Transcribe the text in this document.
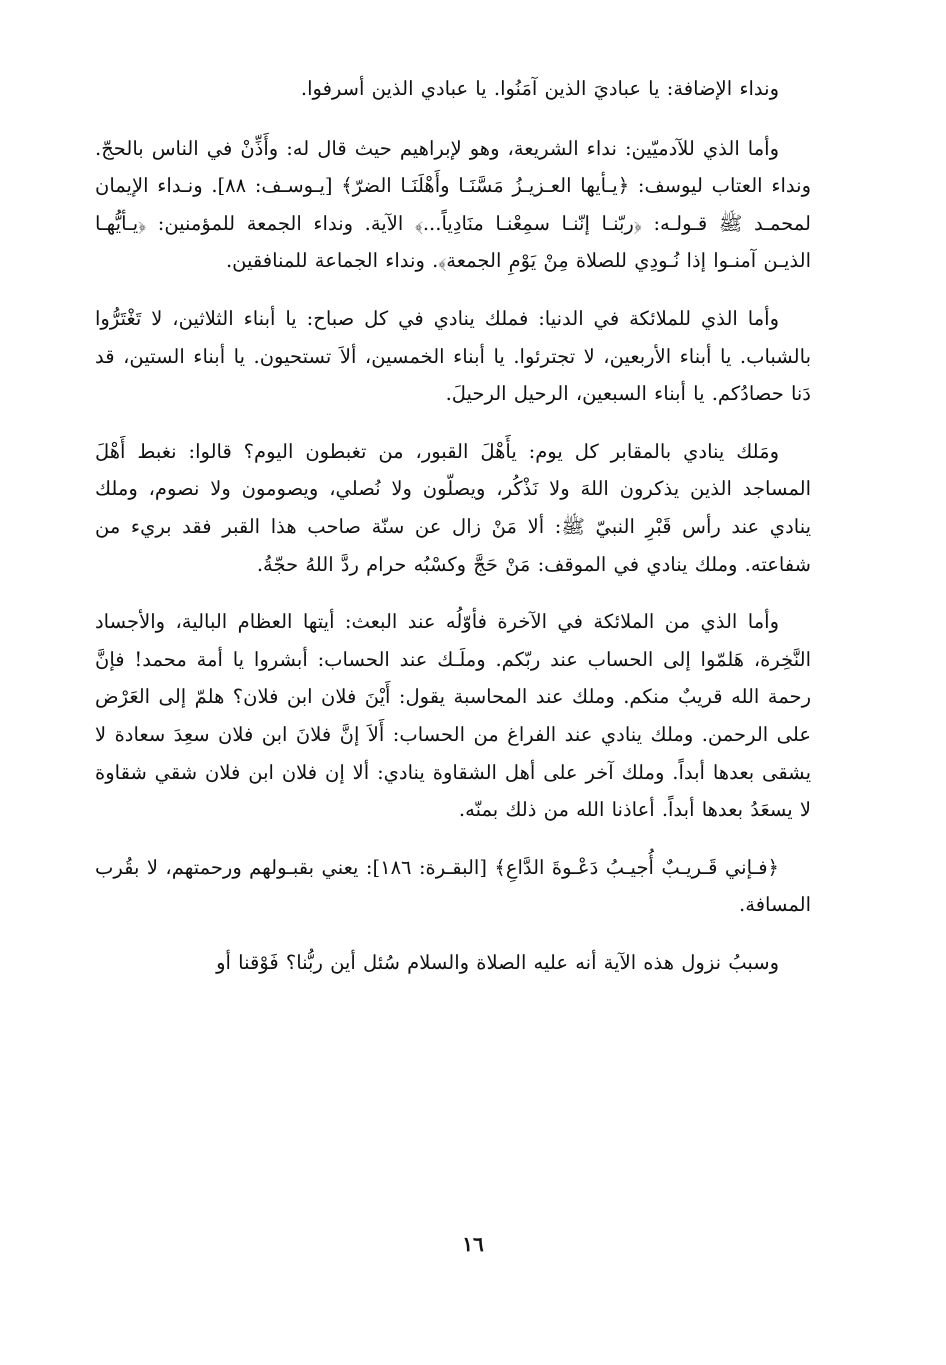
ونداء الإضافة: يا عباديَ الذين آمَنُوا. يا عبادي الذين أسرفوا.

وأما الذي للآدميّين: نداء الشريعة، وهو لإبراهيم حيث قال له: وأَذِّنْ في الناس بالحجّ. ونداء العتاب ليوسف: ﴿يـأيها العـزيـزُ مَسَّنَـا وأَهْلَنَـا الضرّ﴾ [يـوسـف: ٨٨]. ونـداء الإيمان لمحمـد ﷺ قـولـه: ﴿ربّنـا إنّنـا سمِعْنـا منَادِياً...﴾ الآية. ونداء الجمعة للمؤمنين: ﴿يـأيُّهـا الذيـن آمنـوا إذا نُـودِي للصلاة مِنْ يَوْمِ الجمعة﴾. ونداء الجماعة للمنافقين.

وأما الذي للملائكة في الدنيا: فملك ينادي في كل صباح: يا أبناء الثلاثين، لا تَغْتَرُّوا بالشباب. يا أبناء الأربعين، لا تجترئوا. يا أبناء الخمسين، ألاَ تستحيون. يا أبناء الستين، قد دَنا حصادُكم. يا أبناء السبعين، الرحيل الرحيلَ.

ومَلك ينادي بالمقابر كل يوم: يأَهْلَ القبور، من تغبطون اليوم؟ قالوا: نغبط أَهْلَ المساجد الذين يذكرون اللهَ ولا نَذْكُر، ويصلّون ولا نُصلي، ويصومون ولا نصوم، وملك ينادي عند رأس قَبْرِ النبيّ ﷺ: ألا مَنْ زال عن سنّة صاحب هذا القبر فقد بريء من شفاعته. وملك ينادي في الموقف: مَنْ حَجَّ وكسْبُه حرام ردَّ اللهُ حجّةُ.

وأما الذي من الملائكة في الآخرة فأوّلُه عند البعث: أيتها العظام البالية، والأجساد النَّخِرة، هَلمّوا إلى الحساب عند ربّكم. وملَـك عند الحساب: أبشروا يا أمة محمد! فإنَّ رحمة الله قريبٌ منكم. وملك عند المحاسبة يقول: أَيْنَ فلان ابن فلان؟ هلمّ إلى العَرْض على الرحمن. وملك ينادي عند الفراغ من الحساب: أَلاَ إنَّ فلانَ ابن فلان سعِدَ سعادة لا يشقى بعدها أبداً. وملك آخر على أهل الشقاوة ينادي: ألا إن فلان ابن فلان شقي شقاوة لا يسعَدُ بعدها أبداً. أعاذنا الله من ذلك بمنّه.

﴿فـإني قَـريـبٌ أُجيـبُ دَعْـوةَ الدَّاعِ﴾ [البقـرة: ١٨٦]: يعني بقبـولهم ورحمتهم، لا بقُرب المسافة.

وسببُ نزول هذه الآية أنه عليه الصلاة والسلام سُئل أين ربُّنا؟ فَوْقنا أو

١٦
